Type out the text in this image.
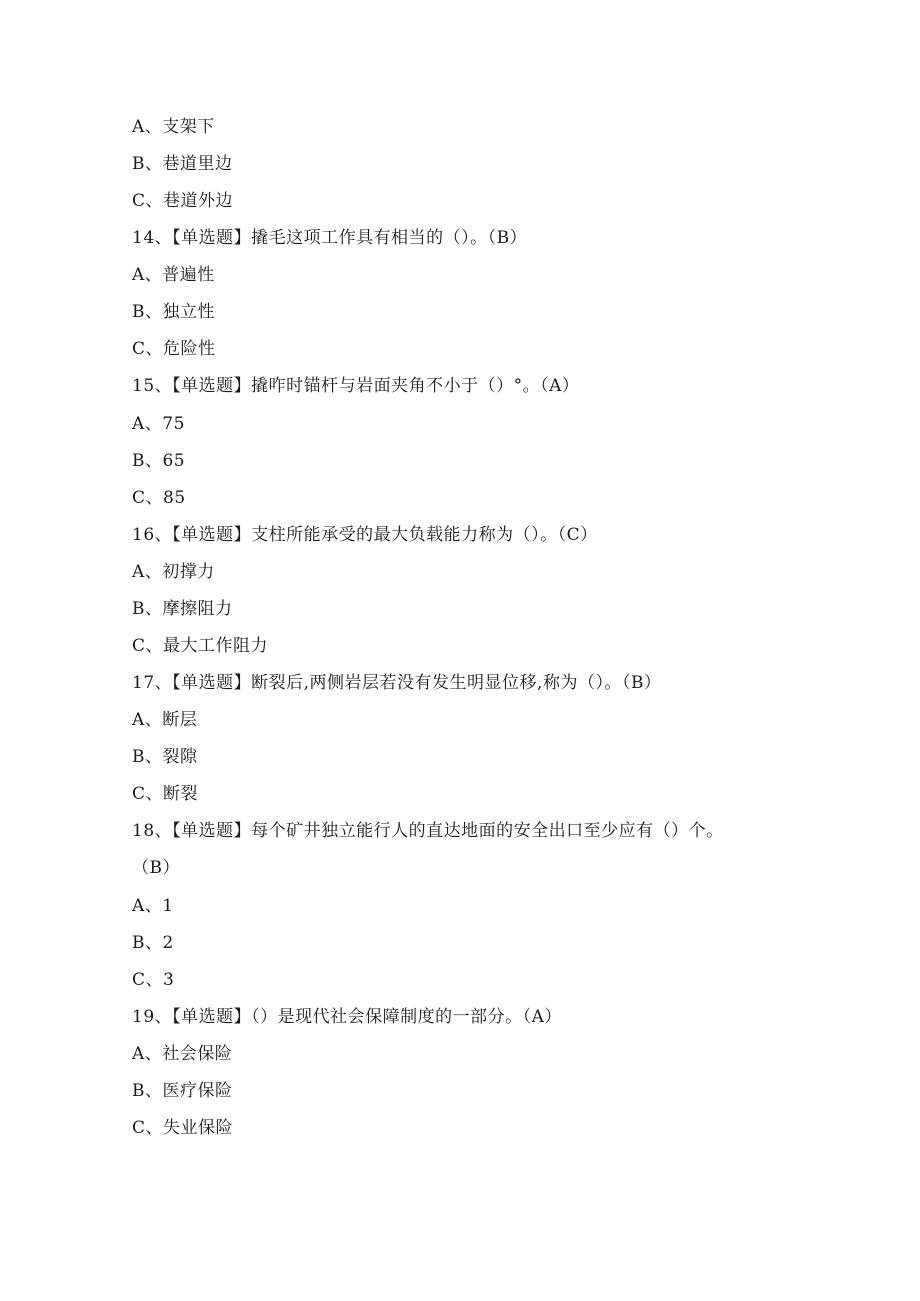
A、支架下
B、巷道里边
C、巷道外边
14、【单选题】撬毛这项工作具有相当的（）。（B）
A、普遍性
B、独立性
C、危险性
15、【单选题】撬咋时锚杆与岩面夹角不小于（）°。（A）
A、75
B、65
C、85
16、【单选题】支柱所能承受的最大负载能力称为（）。（C）
A、初撑力
B、摩擦阻力
C、最大工作阻力
17、【单选题】断裂后,两侧岩层若没有发生明显位移,称为（）。（B）
A、断层
B、裂隙
C、断裂
18、【单选题】每个矿井独立能行人的直达地面的安全出口至少应有（）个。
（B）
A、1
B、2
C、3
19、【单选题】（）是现代社会保障制度的一部分。（A）
A、社会保险
B、医疗保险
C、失业保险
